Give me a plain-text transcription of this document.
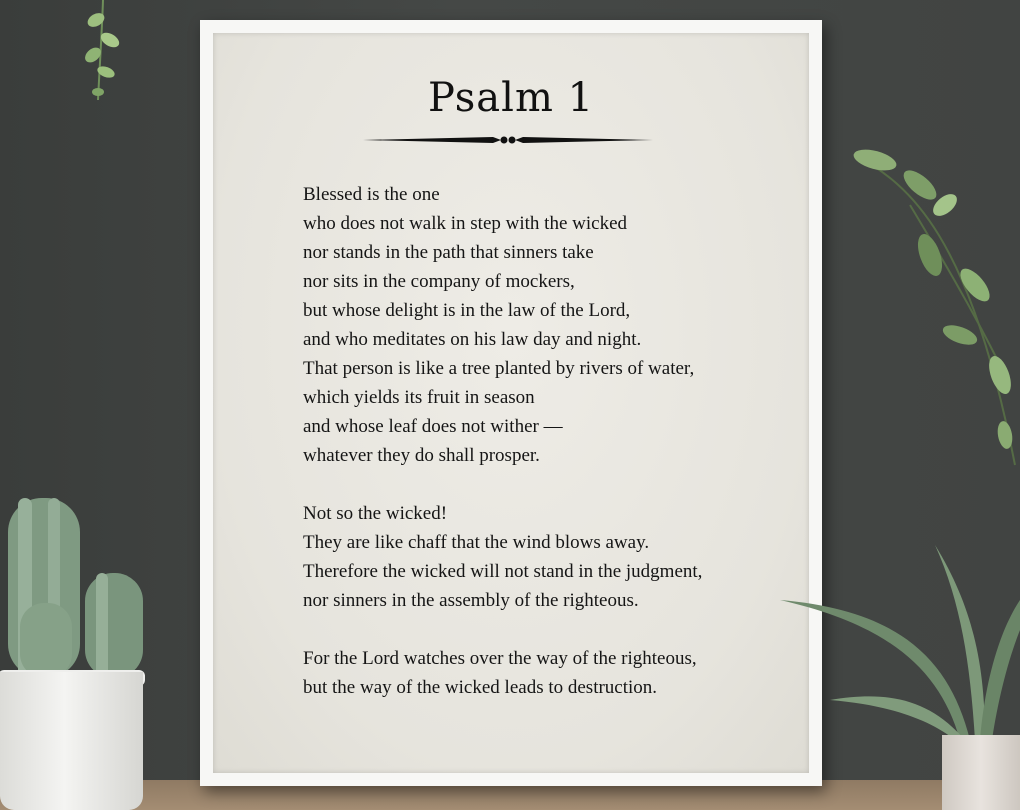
Psalm 1
Blessed is the one
who does not walk in step with the wicked
nor stands in the path that sinners take
nor sits in the company of mockers,
but whose delight is in the law of the Lord,
and who meditates on his law day and night.
That person is like a tree planted by rivers of water,
which yields its fruit in season
and whose leaf does not wither —
whatever they do shall prosper.
Not so the wicked!
They are like chaff that the wind blows away.
Therefore the wicked will not stand in the judgment,
nor sinners in the assembly of the righteous.
For the Lord watches over the way of the righteous,
but the way of the wicked leads to destruction.
